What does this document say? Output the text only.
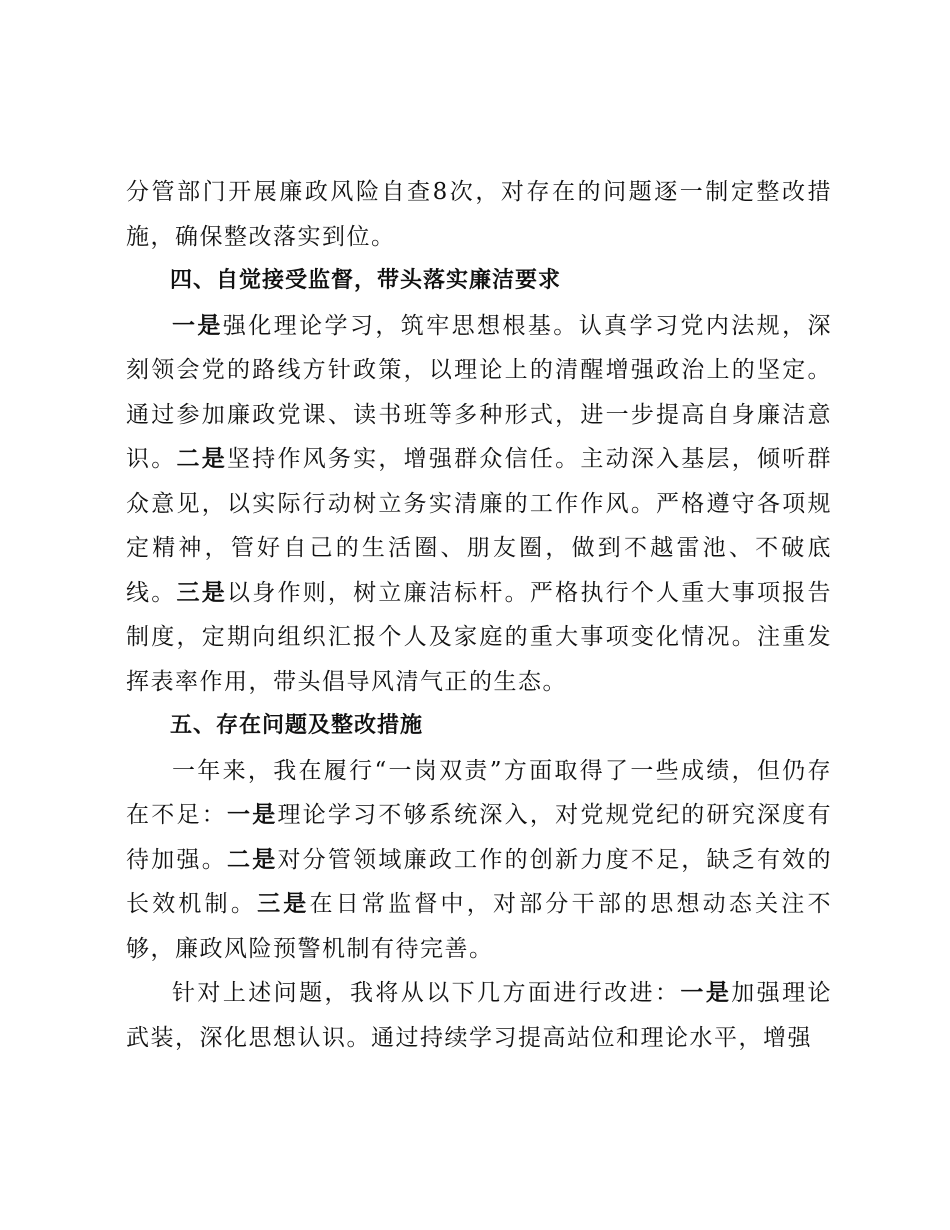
分管部门开展廉政风险自查8次，对存在的问题逐一制定整改措施，确保整改落实到位。

四、自觉接受监督，带头落实廉洁要求

一是强化理论学习，筑牢思想根基。认真学习党内法规，深刻领会党的路线方针政策，以理论上的清醒增强政治上的坚定。通过参加廉政党课、读书班等多种形式，进一步提高自身廉洁意识。二是坚持作风务实，增强群众信任。主动深入基层，倾听群众意见，以实际行动树立务实清廉的工作作风。严格遵守各项规定精神，管好自己的生活圈、朋友圈，做到不越雷池、不破底线。三是以身作则，树立廉洁标杆。严格执行个人重大事项报告制度，定期向组织汇报个人及家庭的重大事项变化情况。注重发挥表率作用，带头倡导风清气正的生态。

五、存在问题及整改措施

一年来，我在履行“一岗双责”方面取得了一些成绩，但仍存在不足：一是理论学习不够系统深入，对党规党纪的研究深度有待加强。二是对分管领域廉政工作的创新力度不足，缺乏有效的长效机制。三是在日常监督中，对部分干部的思想动态关注不够，廉政风险预警机制有待完善。

针对上述问题，我将从以下几方面进行改进：一是加强理论武装，深化思想认识。通过持续学习提高站位和理论水平，增强
